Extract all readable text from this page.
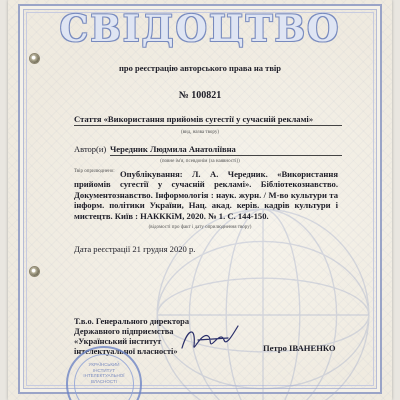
СВІДОЦТВО
про реєстрацію авторського права на твір
№ 100821
Стаття «Використання прийомів сугестії у сучасній рекламі»
(вид, назва твору)
Автор(и) Чередник Людмила Анатоліївна
(повне ім'я, псевдонім (за наявності))
Твір оприлюднено: Опублікування: Л. А. Чередник. «Використання прийомів сугестії у сучасній рекламі». Бібліотекознавство. Документознавство. Інформологія : наук. журн. / М-во культури та інформ. політики України, Нац. акад. керів. кадрів культури і мистецтв. Київ : НАКККіМ, 2020. № 1. С. 144-150.
(відомості про факт і дату оприлюднення твору)
Дата реєстрації 21 грудня 2020 р.
Т.в.о. Генерального директора
Державного підприємства
«Український інститут
інтелектуальної власності»	Петро ІВАНЕНКО
УКРАЇНСЬКИЙ ІНСТИТУТ ІНТЕЛЕКТУАЛЬНОЇ ВЛАСНОСТІ
